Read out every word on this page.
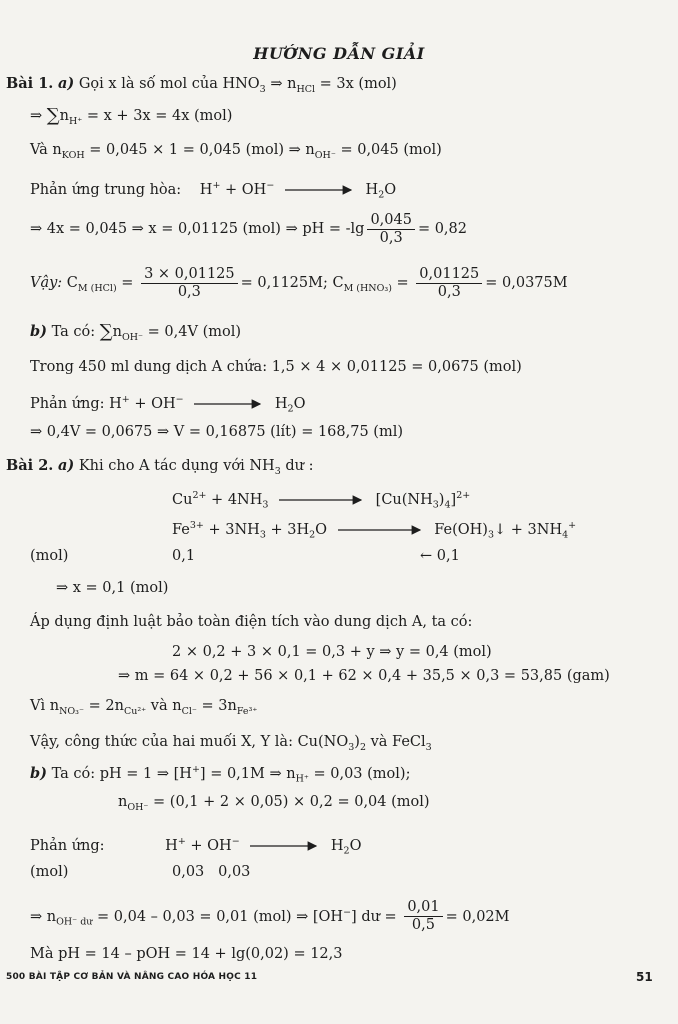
HƯỚNG DẪN GIẢI
Bài 1. a) Gọi x là số mol của $HNO_3$ ⇒ $n_{HCl} = 3x$ (mol)
⇒ $\sum n_{H^+} = x + 3x = 4x$ (mol)
Và $n_{KOH} = 0,045 \times 1 = 0,045$ (mol) ⇒ $n_{OH^-} = 0,045$ (mol)
Phản ứng trung hòa: H+ + OH−	$H_2O$
⇒ 4x = 0,045 ⇒ x = 0,01125 (mol) ⇒ pH = $-\lg \frac{0,045}{0,3} = 0,82$
Vậy: $C_{M (HCl)} = \frac{3 \times 0,01125}{0,3} = 0,1125M$; $C_{M (HNO_3)} = \frac{0,01125}{0,3} = 0,0375M$
b) Ta có: $\sum n_{OH^-} = 0,4V$ (mol)
Trong 450 ml dung dịch A chứa: 1,5 × 4 × 0,01125 = 0,0675 (mol)
Phản ứng: H+ + OH−	$H_2O$
⇒ 0,4V = 0,0675 ⇒ V = 0,16875 (lít) = 168,75 (ml)
Bài 2. a) Khi cho A tác dụng với $NH_3$ dư :
$Cu^{2+} + 4NH_3$	$[Cu(NH_3)_4]^{2+}$
$Fe^{3+} + 3NH_3 + 3H_2O$	$Fe(OH)_3↓ + 3NH_4^+$
(mol)	0,1	← 0,1
⇒ x = 0,1 (mol)
Áp dụng định luật bảo toàn điện tích vào dung dịch A, ta có:
2 × 0,2 + 3 × 0,1 = 0,3 + y ⇒ y = 0,4 (mol)
⇒ m = 64 × 0,2 + 56 × 0,1 + 62 × 0,4 + 35,5 × 0,3 = 53,85 (gam)
Vì $n_{NO_3^-} = 2n_{Cu^{2+}}$ và $n_{Cl^-} = 3n_{Fe^{3+}}$
Vậy, công thức của hai muối X, Y là: $Cu(NO_3)_2$ và FeCl$_3$
b) Ta có: pH = 1 ⇒ [H+] = 0,1M ⇒ $n_{H^+} = 0,03$ (mol);
$n_{OH^-} = (0,1 + 2 \times 0,05) \times 0,2 = 0,04$ (mol)
Phản ứng:	H+ + OH−	$H_2O$
(mol)	0,03   0,03
⇒ $n_{OH^- dư} = 0,04 - 0,03 = 0,01$ (mol) ⇒ [OH−] dư = $\frac{0,01}{0,5} = 0,02M$
Mà pH = 14 – pOH = 14 + lg(0,02) = 12,3
500 BÀI TẬP CƠ BẢN VÀ NÂNG CAO HÓA HỌC 11	51
